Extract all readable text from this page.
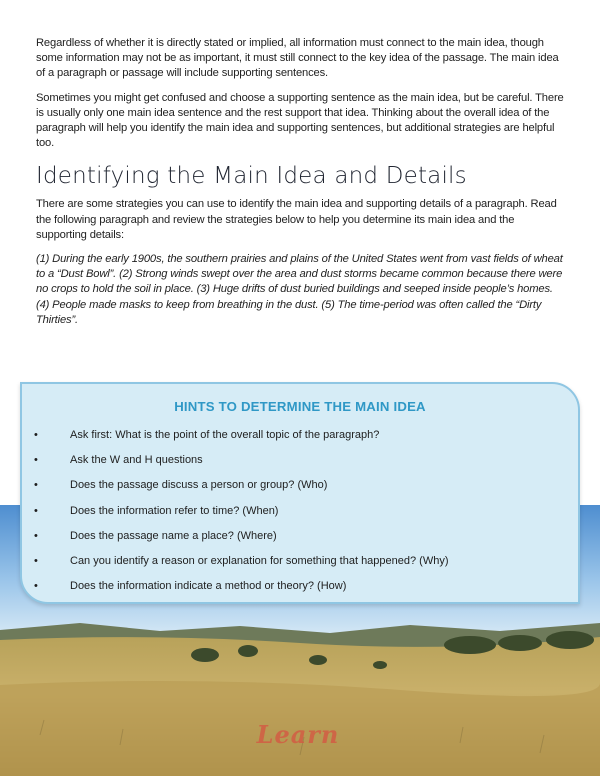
Regardless of whether it is directly stated or implied, all information must connect to the main idea, though some information may not be as important, it must still connect to the key idea of the passage. The main idea of a paragraph or passage will include supporting sentences.

Sometimes you might get confused and choose a supporting sentence as the main idea, but be careful. There is usually only one main idea sentence and the rest support that idea. Thinking about the overall idea of the paragraph will help you identify the main idea and supporting sentences, but additional strategies are helpful too.

Identifying the Main Idea and Details

There are some strategies you can use to identify the main idea and supporting details of a paragraph. Read the following paragraph and review the strategies below to help you determine its main idea and the supporting details:

(1) During the early 1900s, the southern prairies and plains of the United States went from vast fields of wheat to a “Dust Bowl”. (2) Strong winds swept over the area and dust storms became common because there were no crops to hold the soil in place. (3) Huge drifts of dust buried buildings and seeped inside people’s homes. (4) People made masks to keep from breathing in the dust. (5) The time-period was often called the “Dirty Thirties”.

HINTS TO DETERMINE THE MAIN IDEA
•	Ask first: What is the point of the overall topic of the paragraph?
•	Ask the W and H questions
•	Does the passage discuss a person or group? (Who)
•	Does the information refer to time? (When)
•	Does the passage name a place? (Where)
•	Can you identify a reason or explanation for something that happened? (Why)
•	Does the information indicate a method or theory? (How)
Learn
